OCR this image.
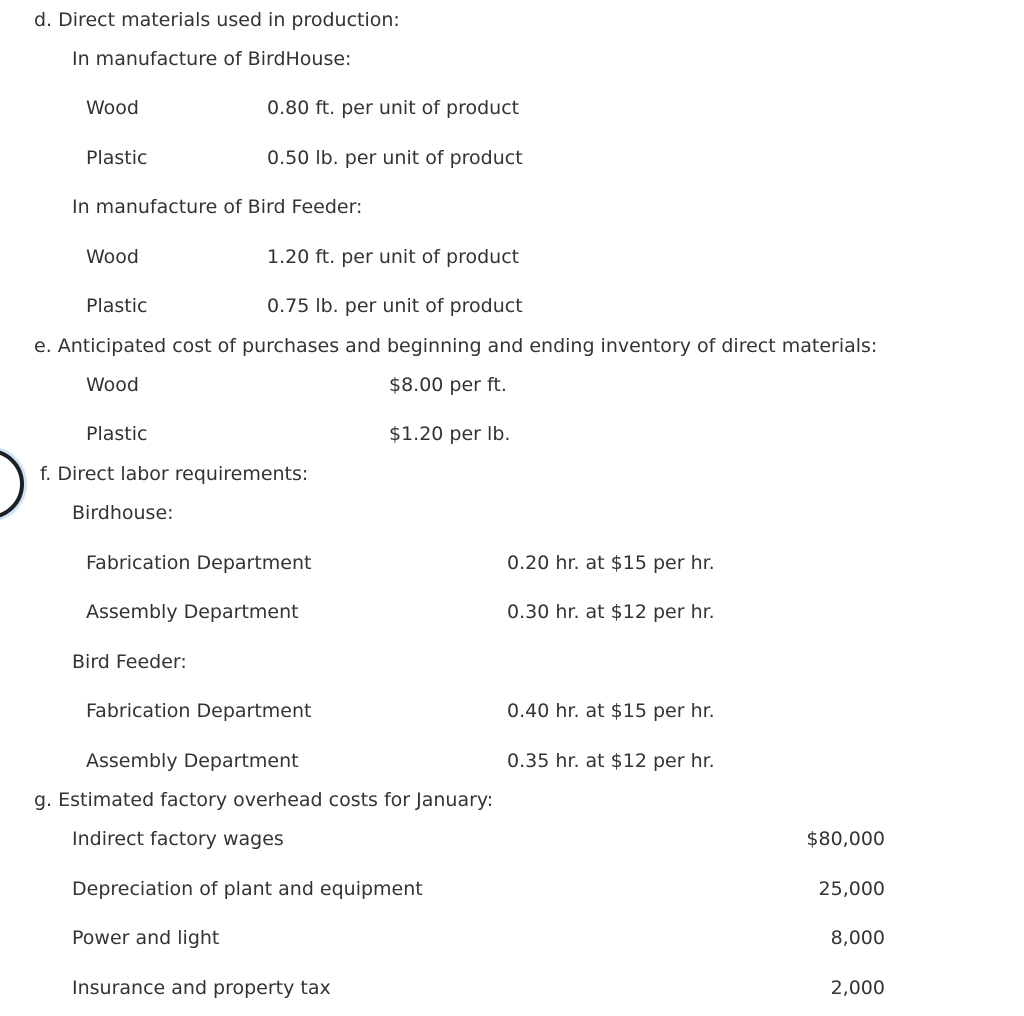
d. Direct materials used in production:
In manufacture of BirdHouse:
Wood	0.80 ft. per unit of product
Plastic	0.50 lb. per unit of product
In manufacture of Bird Feeder:
Wood	1.20 ft. per unit of product
Plastic	0.75 lb. per unit of product
e. Anticipated cost of purchases and beginning and ending inventory of direct materials:
Wood	$8.00 per ft.
Plastic	$1.20 per lb.
f. Direct labor requirements:
Birdhouse:
Fabrication Department	0.20 hr. at $15 per hr.
Assembly Department	0.30 hr. at $12 per hr.
Bird Feeder:
Fabrication Department	0.40 hr. at $15 per hr.
Assembly Department	0.35 hr. at $12 per hr.
g. Estimated factory overhead costs for January:
Indirect factory wages	$80,000
Depreciation of plant and equipment	25,000
Power and light	8,000
Insurance and property tax	2,000
